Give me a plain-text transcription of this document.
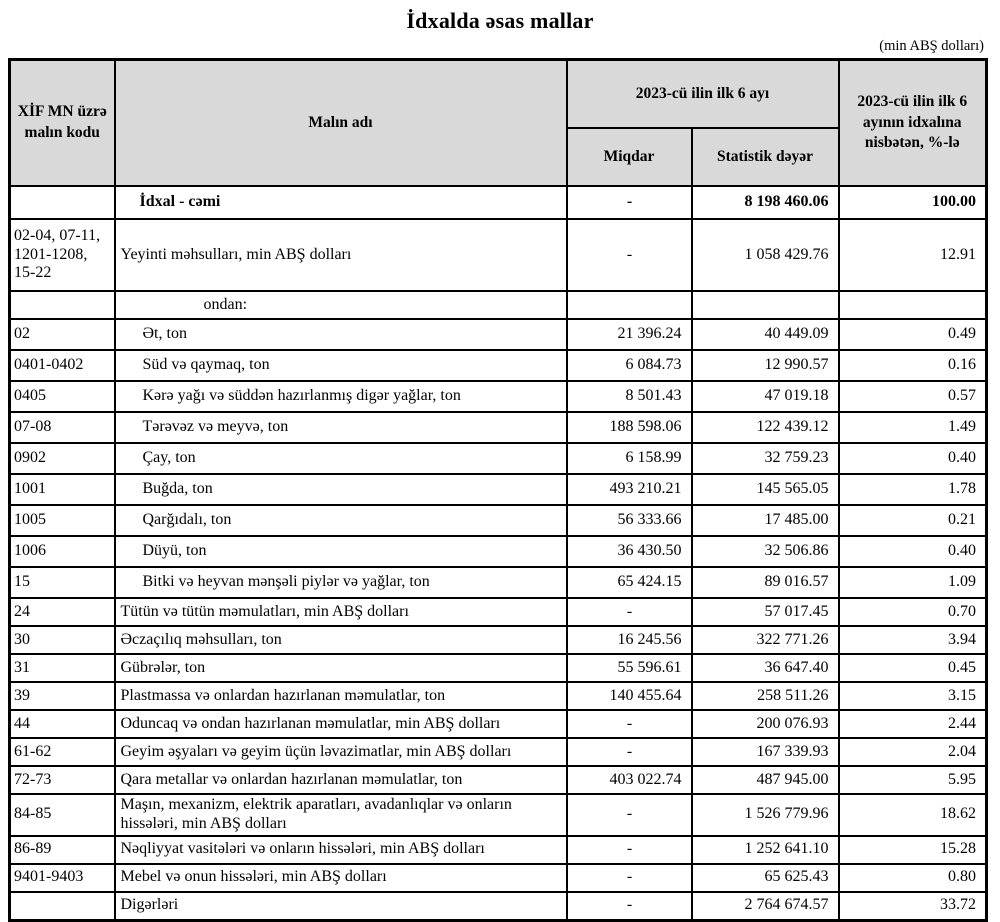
İdxalda əsas mallar
(min ABŞ dolları)
XİF MN üzrə malın kodu	Malın adı	2023-cü ilin ilk 6 ayı		2023-cü ilin ilk 6 ayının idxalına nisbətən, %-lə
		Miqdar	Statistik dəyər	
	İdxal - cəmi	-	8 198 460.06	100.00
02-04, 07-11, 1201-1208, 15-22	Yeyinti məhsulları, min ABŞ dolları	-	1 058 429.76	12.91
	ondan:			
02	Ət, ton	21 396.24	40 449.09	0.49
0401-0402	Süd və qaymaq, ton	6 084.73	12 990.57	0.16
0405	Kərə yağı və süddən hazırlanmış digər yağlar, ton	8 501.43	47 019.18	0.57
07-08	Tərəvəz və meyvə, ton	188 598.06	122 439.12	1.49
0902	Çay, ton	6 158.99	32 759.23	0.40
1001	Buğda, ton	493 210.21	145 565.05	1.78
1005	Qarğıdalı, ton	56 333.66	17 485.00	0.21
1006	Düyü, ton	36 430.50	32 506.86	0.40
15	Bitki və heyvan mənşəli piylər və yağlar, ton	65 424.15	89 016.57	1.09
24	Tütün və tütün məmulatları, min ABŞ dolları	-	57 017.45	0.70
30	Əczaçılıq məhsulları, ton	16 245.56	322 771.26	3.94
31	Gübrələr, ton	55 596.61	36 647.40	0.45
39	Plastmassa və onlardan hazırlanan məmulatlar, ton	140 455.64	258 511.26	3.15
44	Oduncaq və ondan hazırlanan məmulatlar, min ABŞ dolları	-	200 076.93	2.44
61-62	Geyim əşyaları və geyim üçün ləvazimatlar, min ABŞ dolları	-	167 339.93	2.04
72-73	Qara metallar və onlardan hazırlanan məmulatlar, ton	403 022.74	487 945.00	5.95
84-85	Maşın, mexanizm, elektrik aparatları, avadanlıqlar və onların hissələri, min ABŞ dolları	-	1 526 779.96	18.62
86-89	Nəqliyyat vasitələri və onların hissələri, min ABŞ dolları	-	1 252 641.10	15.28
9401-9403	Mebel və onun hissələri, min ABŞ dolları	-	65 625.43	0.80
	Digərləri	-	2 764 674.57	33.72
